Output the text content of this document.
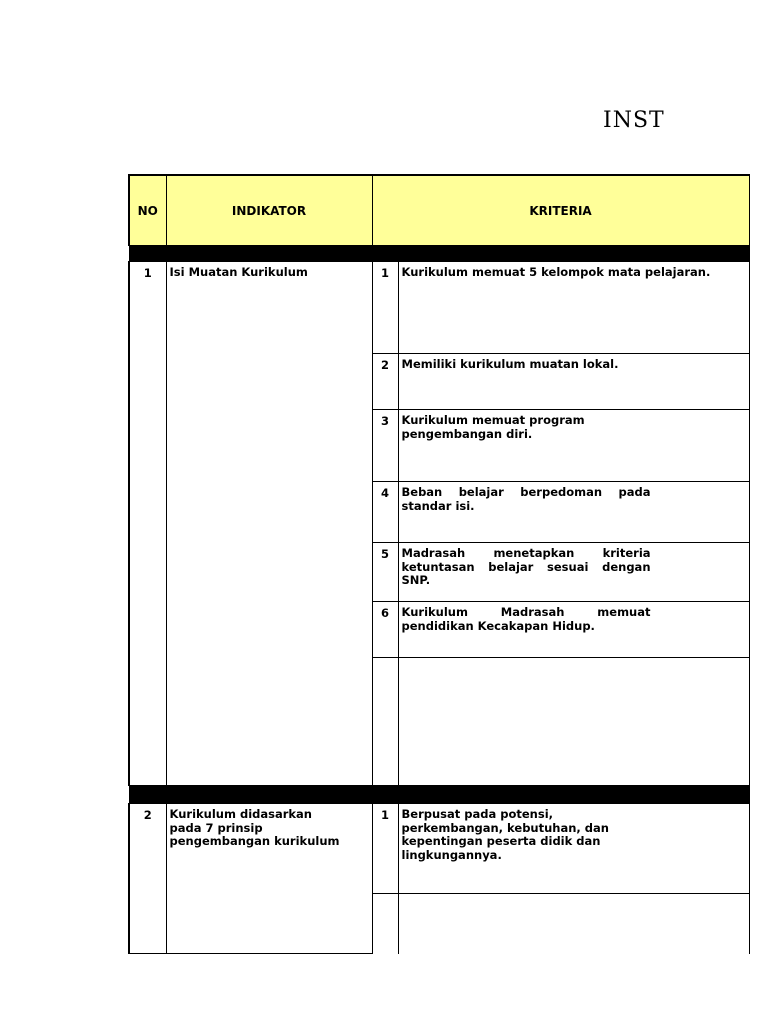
INST
NO	INDIKATOR	KRITERIA	

1	Isi Muatan Kurikulum	1	Kurikulum memuat 5 kelompok mata pelajaran.
		2	Memiliki kurikulum muatan lokal.
		3	Kurikulum memuat program pengembangan diri.
		4	Beban belajar berpedoman pada standar isi.
		5	Madrasah menetapkan kriteria ketuntasan belajar sesuai dengan SNP.
		6	Kurikulum Madrasah memuat pendidikan Kecakapan Hidup.

2	Kurikulum didasarkan pada 7 prinsip pengembangan kurikulum	1	Berpusat pada potensi, perkembangan, kebutuhan, dan kepentingan peserta didik dan lingkungannya.
